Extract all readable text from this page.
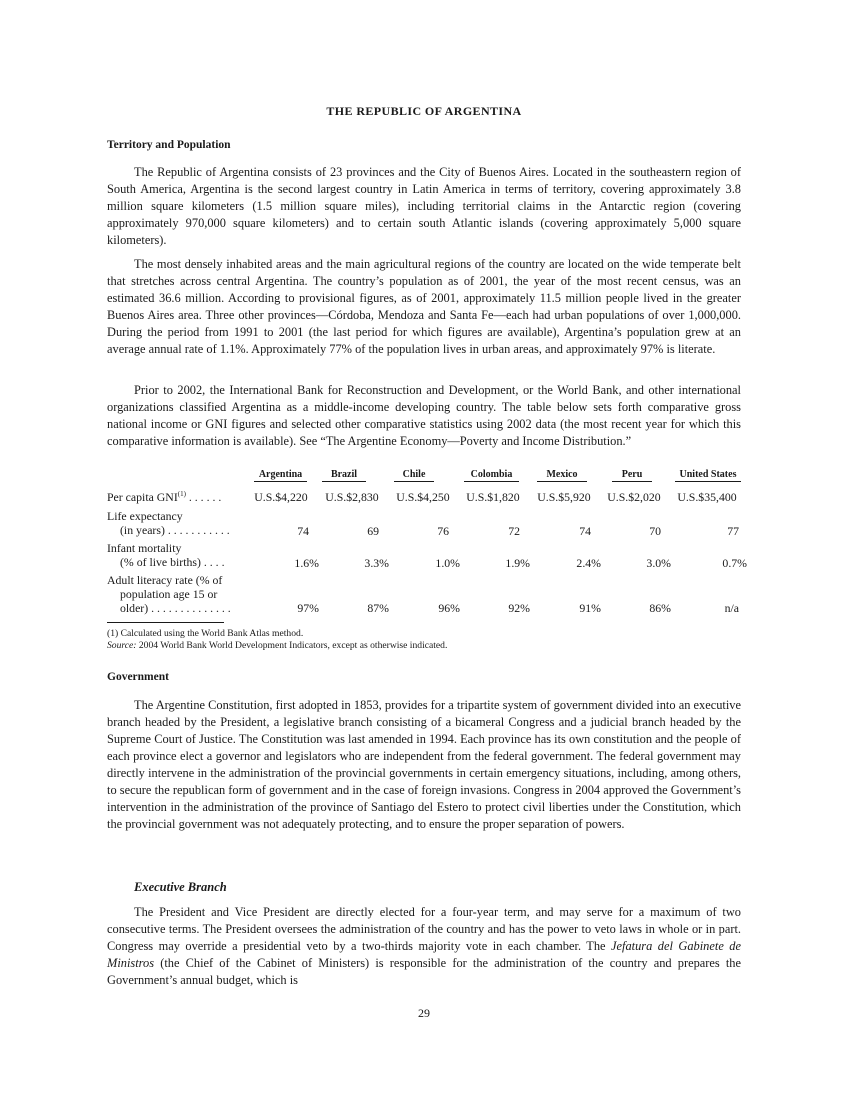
THE REPUBLIC OF ARGENTINA
Territory and Population

The Republic of Argentina consists of 23 provinces and the City of Buenos Aires. Located in the southeastern region of South America, Argentina is the second largest country in Latin America in terms of territory, covering approximately 3.8 million square kilometers (1.5 million square miles), including territorial claims in the Antarctic region (covering approximately 970,000 square kilometers) and to certain south Atlantic islands (covering approximately 5,000 square kilometers).

The most densely inhabited areas and the main agricultural regions of the country are located on the wide temperate belt that stretches across central Argentina. The country’s population as of 2001, the year of the most recent census, was an estimated 36.6 million. According to provisional figures, as of 2001, approximately 11.5 million people lived in the greater Buenos Aires area. Three other provinces—Córdoba, Mendoza and Santa Fe—each had urban populations of over 1,000,000. During the period from 1991 to 2001 (the last period for which figures are available), Argentina’s population grew at an average annual rate of 1.1%. Approximately 77% of the population lives in urban areas, and approximately 97% is literate.

Prior to 2002, the International Bank for Reconstruction and Development, or the World Bank, and other international organizations classified Argentina as a middle-income developing country. The table below sets forth comparative gross national income or GNI figures and selected other comparative statistics using 2002 data (the most recent year for which this comparative information is available). See “The Argentine Economy—Poverty and Income Distribution.”

Argentina	Brazil	Chile	Colombia	Mexico	Peru	United States
Per capita GNI$^{(1)}$ . . . . . .	U.S.$4,220	U.S.$2,830	U.S.$4,250	U.S.$1,820	U.S.$5,920	U.S.$2,020	U.S.$35,400
Life expectancy
(in years) . . . . . . . . . . .	74	69	76	72	74	70	77
Infant mortality
(% of live births) . . . .	1.6%	3.3%	1.0%	1.9%	2.4%	3.0%	0.7%
Adult literacy rate (% of
population age 15 or
older) . . . . . . . . . . . . . .	97%	87%	96%	92%	91%	86%	n/a

(1) Calculated using the World Bank Atlas method.

Source: 2004 World Bank World Development Indicators, except as otherwise indicated.

Government

The Argentine Constitution, first adopted in 1853, provides for a tripartite system of government divided into an executive branch headed by the President, a legislative branch consisting of a bicameral Congress and a judicial branch headed by the Supreme Court of Justice. The Constitution was last amended in 1994. Each province has its own constitution and the people of each province elect a governor and legislators who are independent from the federal government. The federal government may directly intervene in the administration of the provincial governments in certain emergency situations, including, among others, to secure the republican form of government and in the case of foreign invasions. Congress in 2004 approved the Government’s intervention in the administration of the province of Santiago del Estero to protect civil liberties under the Constitution, which the provincial government was not adequately protecting, and to ensure the proper separation of powers.

Executive Branch

The President and Vice President are directly elected for a four-year term, and may serve for a maximum of two consecutive terms. The President oversees the administration of the country and has the power to veto laws in whole or in part. Congress may override a presidential veto by a two-thirds majority vote in each chamber. The Jefatura del Gabinete de Ministros (the Chief of the Cabinet of Ministers) is responsible for the administration of the country and prepares the Government’s annual budget, which is

29
